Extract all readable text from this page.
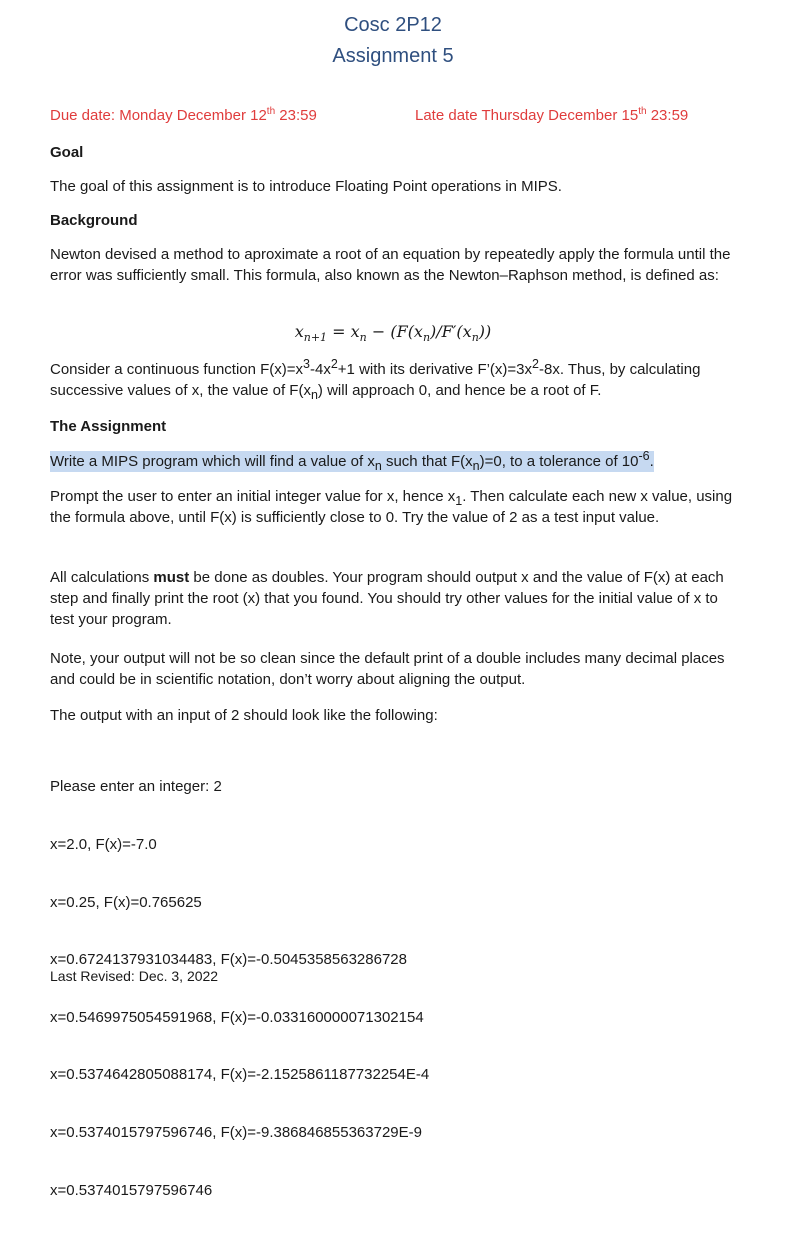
Cosc 2P12
Assignment 5
Due date: Monday December 12th 23:59	Late date Thursday December 15th 23:59
Goal
The goal of this assignment is to introduce Floating Point operations in MIPS.
Background
Newton devised a method to aproximate a root of an equation by repeatedly apply the formula until the error was sufficiently small. This formula, also known as the Newton–Raphson method, is defined as:
$x_{n+1} = x_n - (F(x_n)/F'(x_n))$
Consider a continuous function $F(x)=x^3-4x^2+1$ with its derivative $F’(x)=3x^2-8x$. Thus, by calculating successive values of x, the value of $F(x_n)$ will approach 0, and hence be a root of F.
The Assignment
Write a MIPS program which will find a value of $x_n$ such that $F(x_n)=0$, to a tolerance of $10^{-6}$.
Prompt the user to enter an initial integer value for x, hence $x_1$. Then calculate each new x value, using the formula above, until F(x) is sufficiently close to 0. Try the value of 2 as a test input value.
All calculations must be done as doubles. Your program should output x and the value of F(x) at each step and finally print the root (x) that you found. You should try other values for the initial value of x to test your program.
Note, your output will not be so clean since the default print of a double includes many decimal places and could be in scientific notation, don’t worry about aligning the output.
The output with an input of 2 should look like the following:

Please enter an integer: 2

x=2.0, F(x)=-7.0

x=0.25, F(x)=0.765625

x=0.6724137931034483, F(x)=-0.5045358563286728

x=0.5469975054591968, F(x)=-0.033160000071302154

x=0.5374642805088174, F(x)=-2.1525861187732254E-4

x=0.5374015797596746, F(x)=-9.386846855363729E-9

x=0.5374015797596746

Last Revised: Dec. 3, 2022
